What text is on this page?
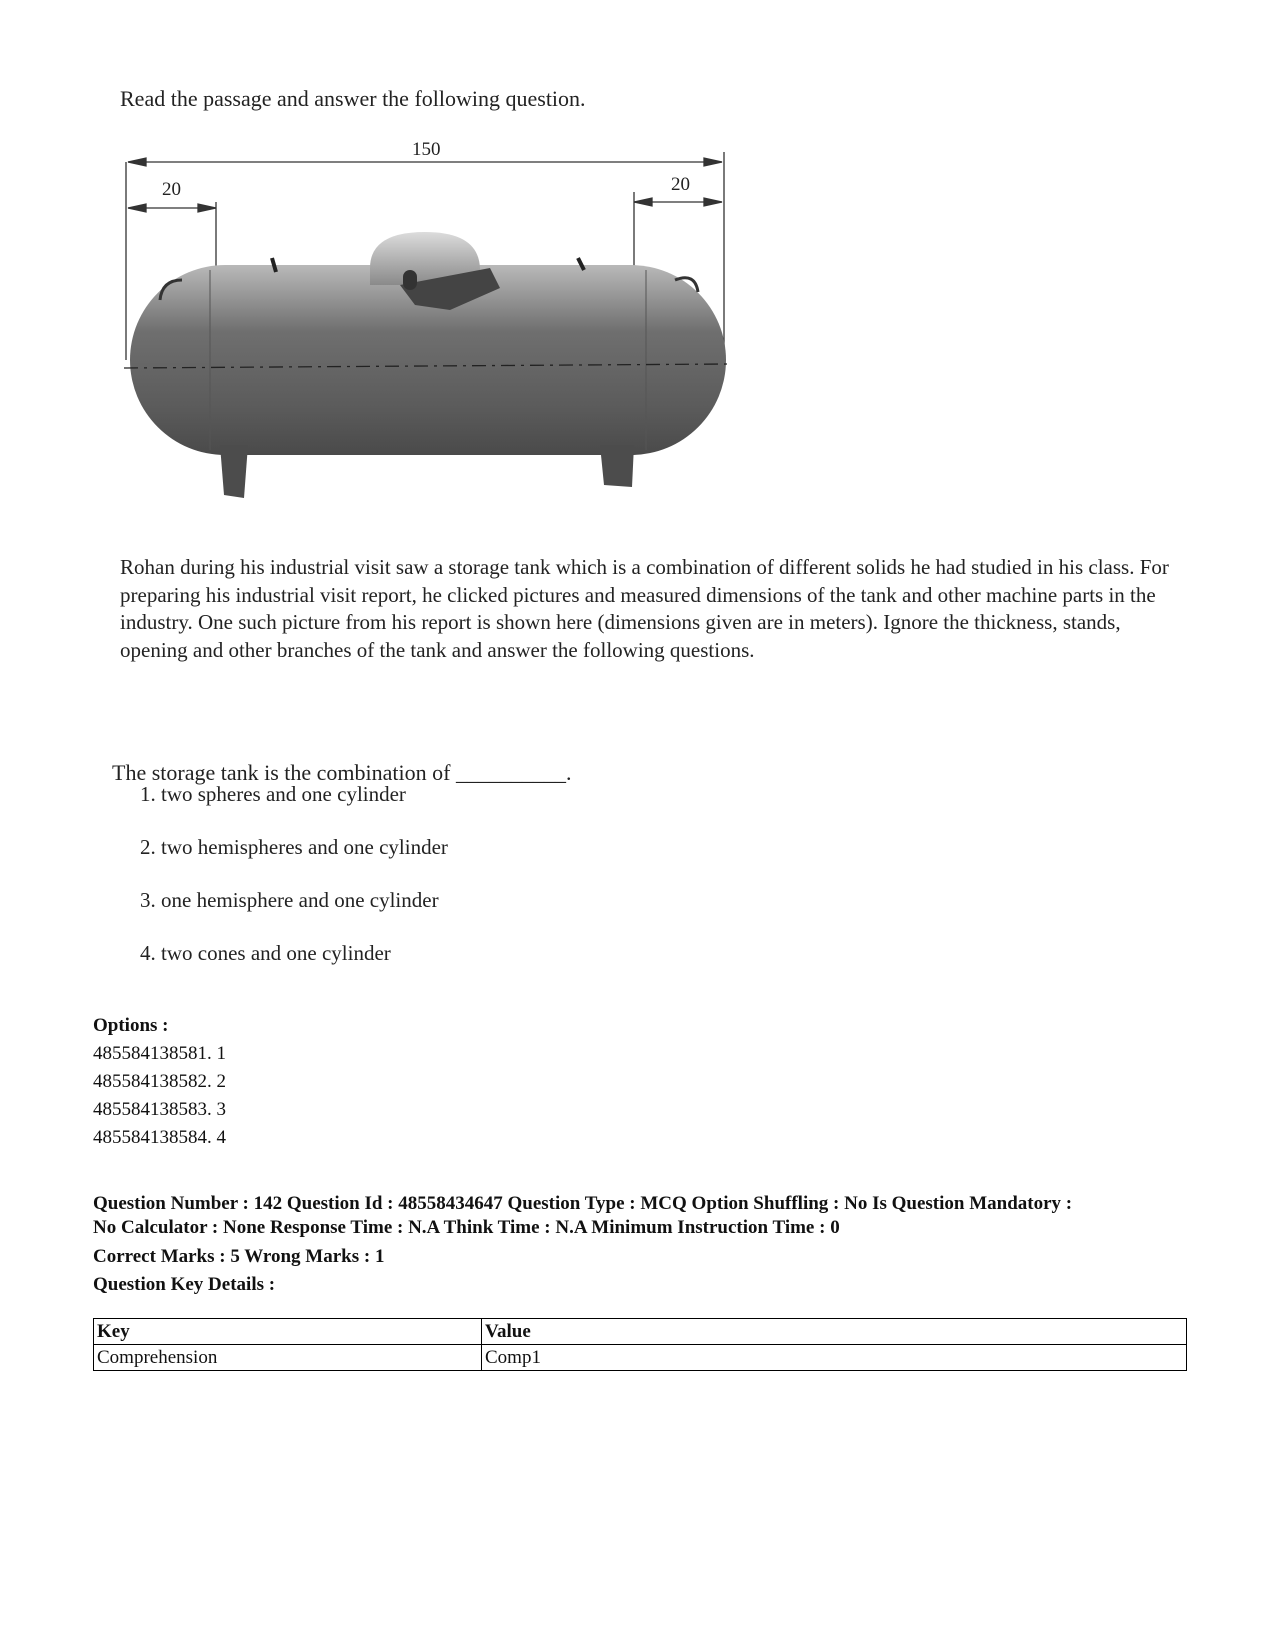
Read the passage and answer the following question.
150
20	20
Rohan during his industrial visit saw a storage tank which is a combination of different solids he had studied in his class. For preparing his industrial visit report, he clicked pictures and measured dimensions of the tank and other machine parts in the industry. One such picture from his report is shown here (dimensions given are in meters). Ignore the thickness, stands, opening and other branches of the tank and answer the following questions.
The storage tank is the combination of __________.
1. two spheres and one cylinder
2. two hemispheres and one cylinder
3. one hemisphere and one cylinder
4. two cones and one cylinder
Options :
485584138581. 1
485584138582. 2
485584138583. 3
485584138584. 4
Question Number : 142 Question Id : 48558434647 Question Type : MCQ Option Shuffling : No Is Question Mandatory :
No Calculator : None Response Time : N.A Think Time : N.A Minimum Instruction Time : 0
Correct Marks : 5 Wrong Marks : 1
Question Key Details :
Key	Value
Comprehension	Comp1
